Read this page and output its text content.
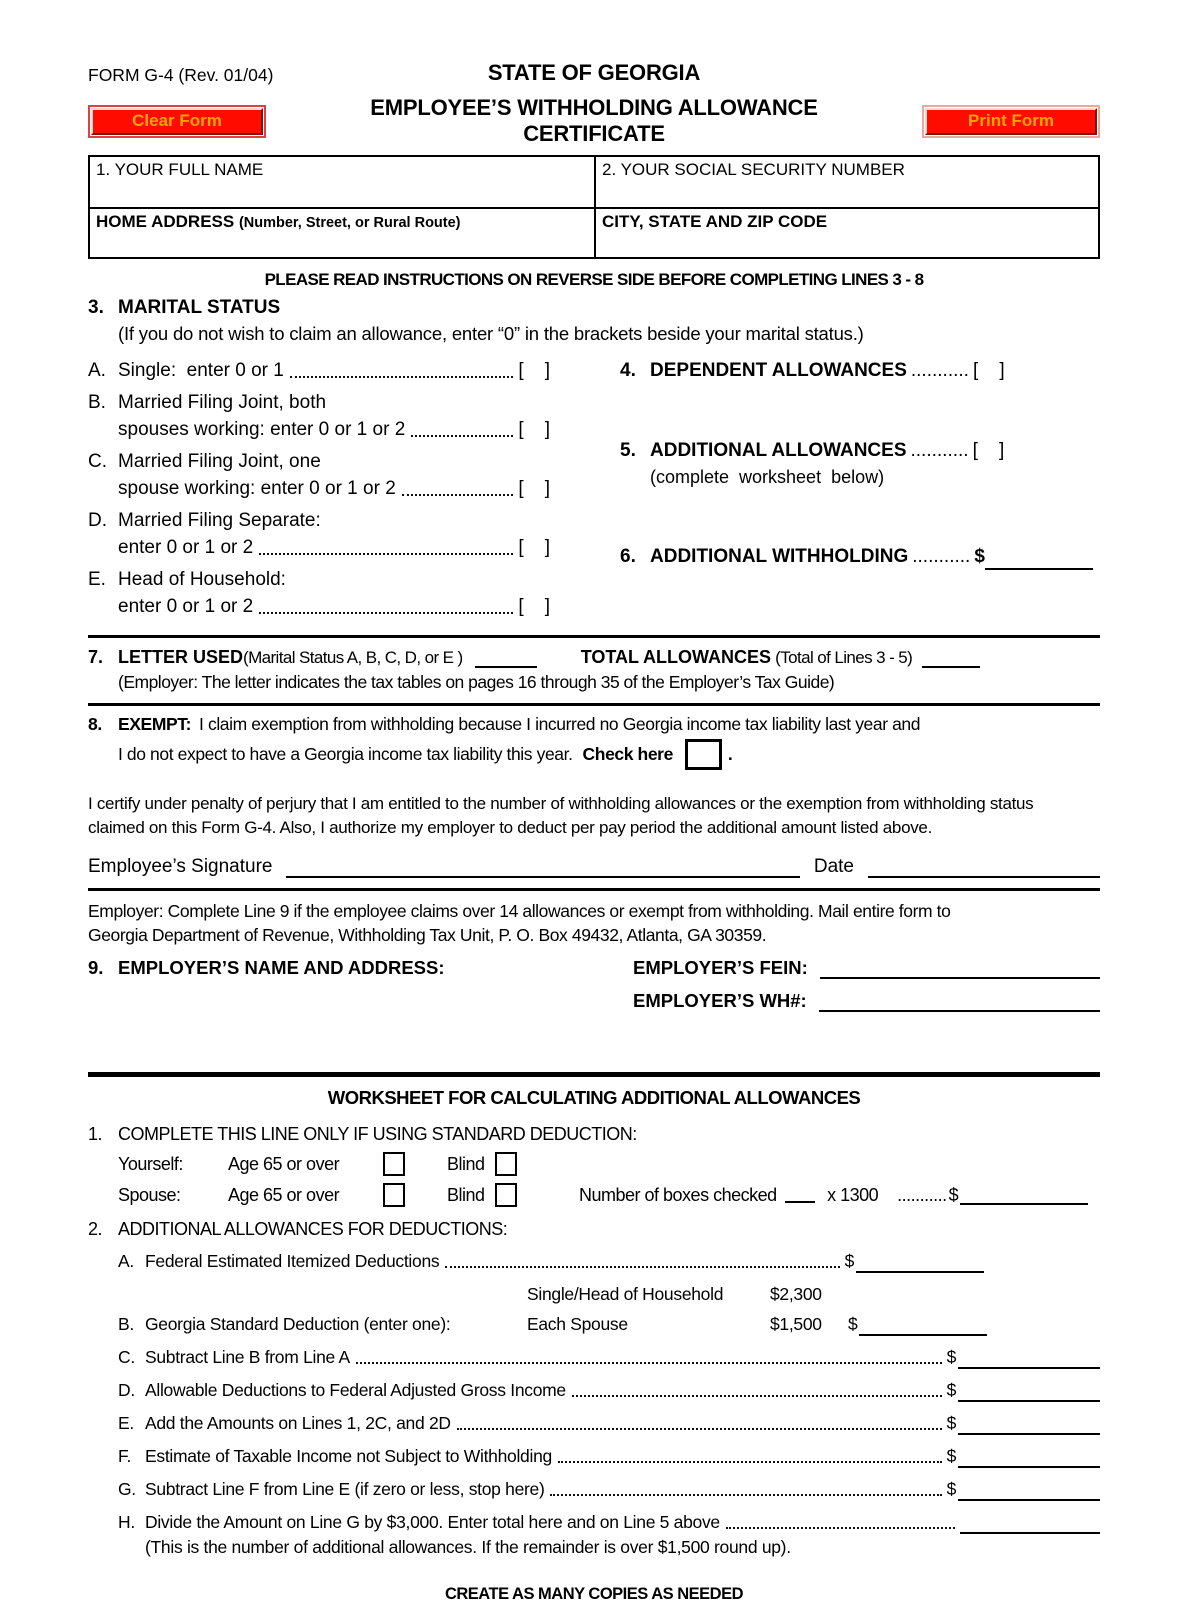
FORM G-4 (Rev. 01/04)	STATE OF GEORGIA
Clear Form	EMPLOYEE’S WITHHOLDING ALLOWANCE CERTIFICATE
Print Form
1. YOUR FULL NAME	2. YOUR SOCIAL SECURITY NUMBER
HOME ADDRESS (Number, Street, or Rural Route)	CITY, STATE AND ZIP CODE
PLEASE READ INSTRUCTIONS ON REVERSE SIDE BEFORE COMPLETING LINES 3 - 8
3. MARITAL STATUS
(If you do not wish to claim an allowance, enter “0” in the brackets beside your marital status.)
A. Single:  enter 0 or 1	[    ]
B. Married Filing Joint, both
spouses working: enter 0 or 1 or 2	[    ]
C. Married Filing Joint, one
spouse working: enter 0 or 1 or 2	[    ]
D. Married Filing Separate:
enter 0 or 1 or 2	[    ]
E. Head of Household:
enter 0 or 1 or 2	[    ]
4. DEPENDENT ALLOWANCES ........... [    ]
5. ADDITIONAL ALLOWANCES ........... [    ]
(complete  worksheet  below)
6. ADDITIONAL WITHHOLDING ........... $
7. LETTER USED (Marital Status A, B, C, D, or E )	TOTAL ALLOWANCES (Total of Lines 3 - 5)
(Employer: The letter indicates the tax tables on pages 16 through 35 of the Employer’s Tax Guide)
8. EXEMPT: I claim exemption from withholding because I incurred no Georgia income tax liability last year and
I do not expect to have a Georgia income tax liability this year. Check here	.
I certify under penalty of perjury that I am entitled to the number of withholding allowances or the exemption from withholding status
claimed on this Form G-4. Also, I authorize my employer to deduct per pay period the additional amount listed above.
Employee’s Signature	Date
Employer: Complete Line 9 if the employee claims over 14 allowances or exempt from withholding. Mail entire form to
Georgia Department of Revenue, Withholding Tax Unit, P. O. Box 49432, Atlanta, GA 30359.
9. EMPLOYER’S NAME AND ADDRESS:	EMPLOYER’S FEIN:
EMPLOYER’S WH#:
WORKSHEET FOR CALCULATING ADDITIONAL ALLOWANCES
1. COMPLETE THIS LINE ONLY IF USING STANDARD DEDUCTION:
Yourself:	Age 65 or over	Blind
Spouse:	Age 65 or over	Blind	Number of boxes checked	x 1300 ........... $
2. ADDITIONAL ALLOWANCES FOR DEDUCTIONS:
A. Federal Estimated Itemized Deductions	$
B. Georgia Standard Deduction (enter one):
Single/Head of Household	$2,300
Each Spouse	$1,500	$
C. Subtract Line B from Line A	$
D. Allowable Deductions to Federal Adjusted Gross Income	$
E. Add the Amounts on Lines 1, 2C, and 2D	$
F. Estimate of Taxable Income not Subject to Withholding	$
G. Subtract Line F from Line E (if zero or less, stop here)	$
H. Divide the Amount on Line G by $3,000. Enter total here and on Line 5 above
(This is the number of additional allowances. If the remainder is over $1,500 round up).
CREATE AS MANY COPIES AS NEEDED
